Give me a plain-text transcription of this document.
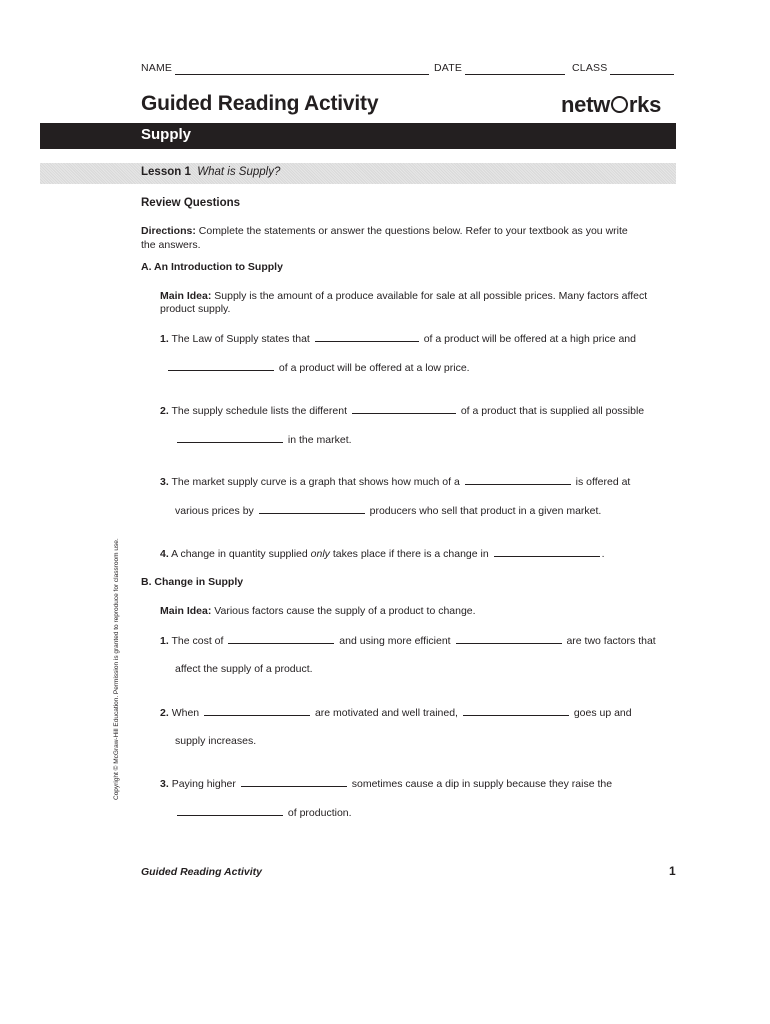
NAME	DATE	CLASS
Guided Reading Activity	netw rks
Supply
Lesson 1 What is Supply?
Review Questions
Directions: Complete the statements or answer the questions below. Refer to your textbook as you write
the answers.
A. An Introduction to Supply
Main Idea: Supply is the amount of a produce available for sale at all possible prices. Many factors affect
product supply.
1. The Law of Supply states that	of a product will be offered at a high price and
of a product will be offered at a low price.
2. The supply schedule lists the different	of a product that is supplied all possible
in the market.
3. The market supply curve is a graph that shows how much of a	is offered at
various prices by	producers who sell that product in a given market.
4. A change in quantity supplied only takes place if there is a change in	.
B. Change in Supply
Main Idea: Various factors cause the supply of a product to change.
1. The cost of	and using more efficient	are two factors that
affect the supply of a product.
2. When	are motivated and well trained,	goes up and
supply increases.
3. Paying higher	sometimes cause a dip in supply because they raise the
of production.
Copyright © McGraw-Hill Education. Permission is granted to reproduce for classroom use.
Guided Reading Activity	1
